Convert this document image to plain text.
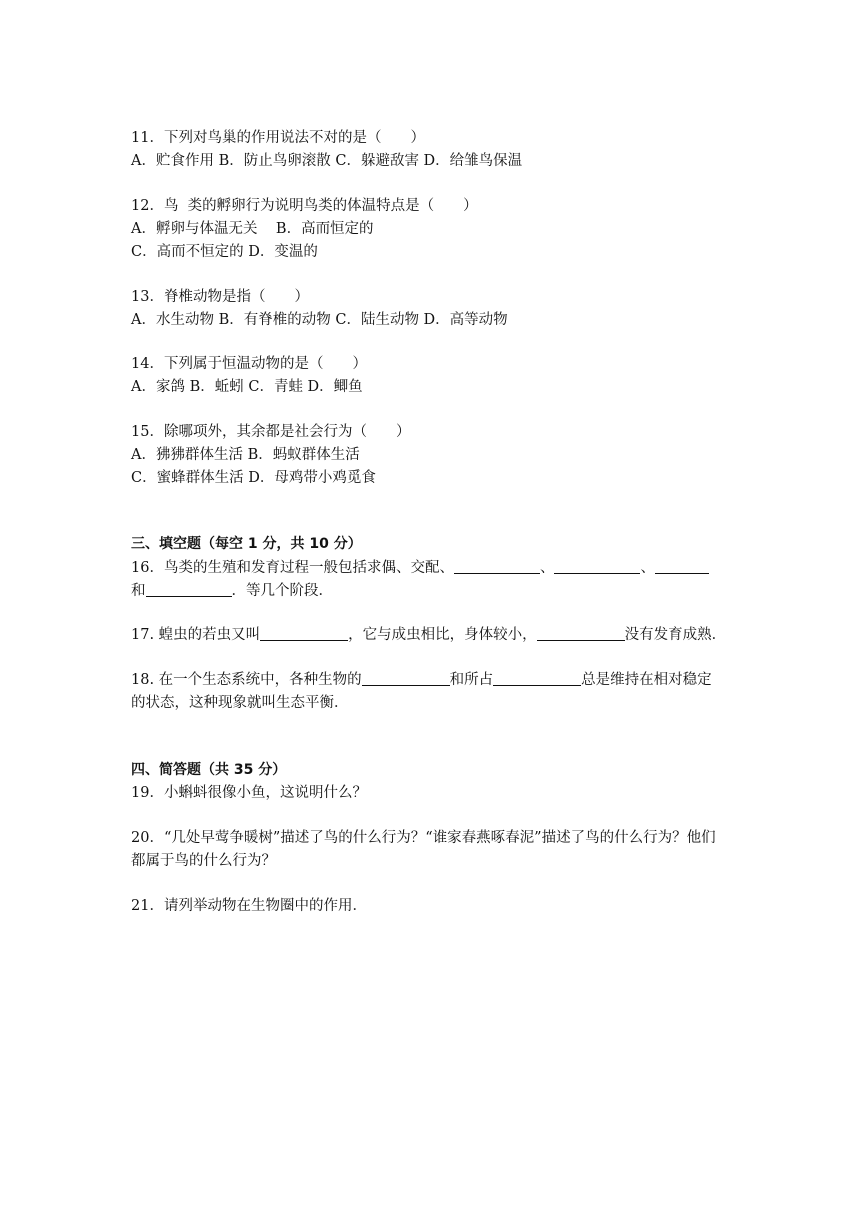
11．下列对鸟巢的作用说法不对的是（　　）
A．贮食作用 B．防止鸟卵滚散 C．躲避敌害 D．给雏鸟保温
12．鸟  类的孵卵行为说明鸟类的体温特点是（　　）
A．孵卵与体温无关    B．高而恒定的
C．高而不恒定的 D．变温的
13．脊椎动物是指（　　）
A．水生动物 B．有脊椎的动物 C．陆生动物 D．高等动物
14．下列属于恒温动物的是（　　）
A．家鸽 B．蚯蚓 C．青蛙 D．鲫鱼
15．除哪项外，其余都是社会行为（　　）
A．狒狒群体生活 B．蚂蚁群体生活
C．蜜蜂群体生活 D．母鸡带小鸡觅食
三、填空题（每空 1 分，共 10 分）
16．鸟类的生殖和发育过程一般包括求偶、交配、	、	、
和	．等几个阶段．
17. 蝗虫的若虫又叫	，它与成虫相比，身体较小，	没有发育成熟．
18. 在一个生态系统中，各种生物的	和所占	总是维持在相对稳定
的状态，这种现象就叫生态平衡．
四、简答题（共 35 分）
19．小蝌蚪很像小鱼，这说明什么？
20．“几处早莺争暖树”描述了鸟的什么行为？“谁家春燕啄春泥”描述了鸟的什么行为？他们
都属于鸟的什么行为？
21．请列举动物在生物圈中的作用．
